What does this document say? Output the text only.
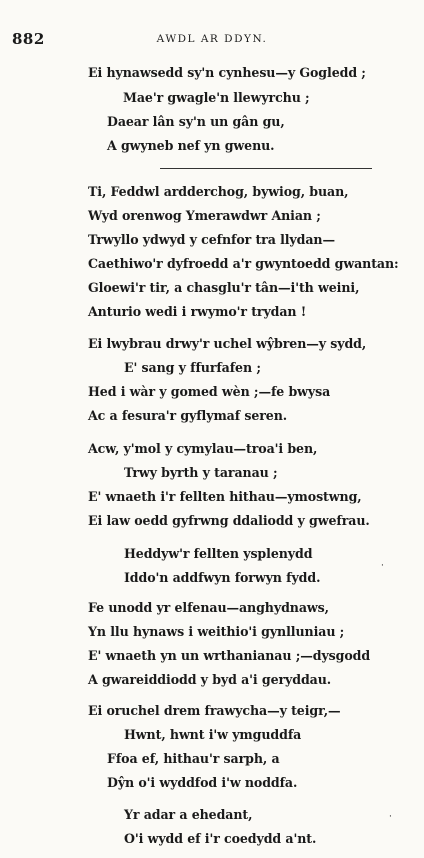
882	AWDL AR DDYN.
Ei hynawsedd sy'n cynhesu—y Gogledd ;
Mae'r gwagle'n llewyrchu ;
Daear lân sy'n un gân gu,
A gwyneb nef yn gwenu.
Ti, Feddwl ardderchog, bywiog, buan,
Wyd orenwog Ymerawdwr Anian ;
Trwyllo ydwyd y cefnfor tra llydan—
Caethiwo'r dyfroedd a'r gwyntoedd gwantan:
Gloewi'r tir, a chasglu'r tân—i'th weini,
Anturio wedi i rwymo'r trydan !
Ei lwybrau drwy'r uchel wŷbren—y sydd,
E' sang y ffurfafen ;
Hed i wàr y gomed wèn ;—fe bwysa
Ac a fesura'r gyflymaf seren.
Acw, y'mol y cymylau—troa'i ben,
Trwy byrth y taranau ;
E' wnaeth i'r fellten hithau—ymostwng,
Ei law oedd gyfrwng ddaliodd y gwefrau.
Heddyw'r fellten ysplenydd
Iddo'n addfwyn forwyn fydd.
·
Fe unodd yr elfenau—anghydnaws,
Yn llu hynaws i weithio'i gynlluniau ;
E' wnaeth yn un wrthanianau ;—dysgodd
A gwareiddiodd y byd a'i geryddau.
Ei oruchel drem frawycha—y teigr,—
Hwnt, hwnt i'w ymguddfa
Ffoa ef, hithau'r sarph, a
Dŷn o'i wyddfod i'w noddfa.
Yr adar a ehedant,
O'i wydd ef i'r coedydd a'nt.
·
